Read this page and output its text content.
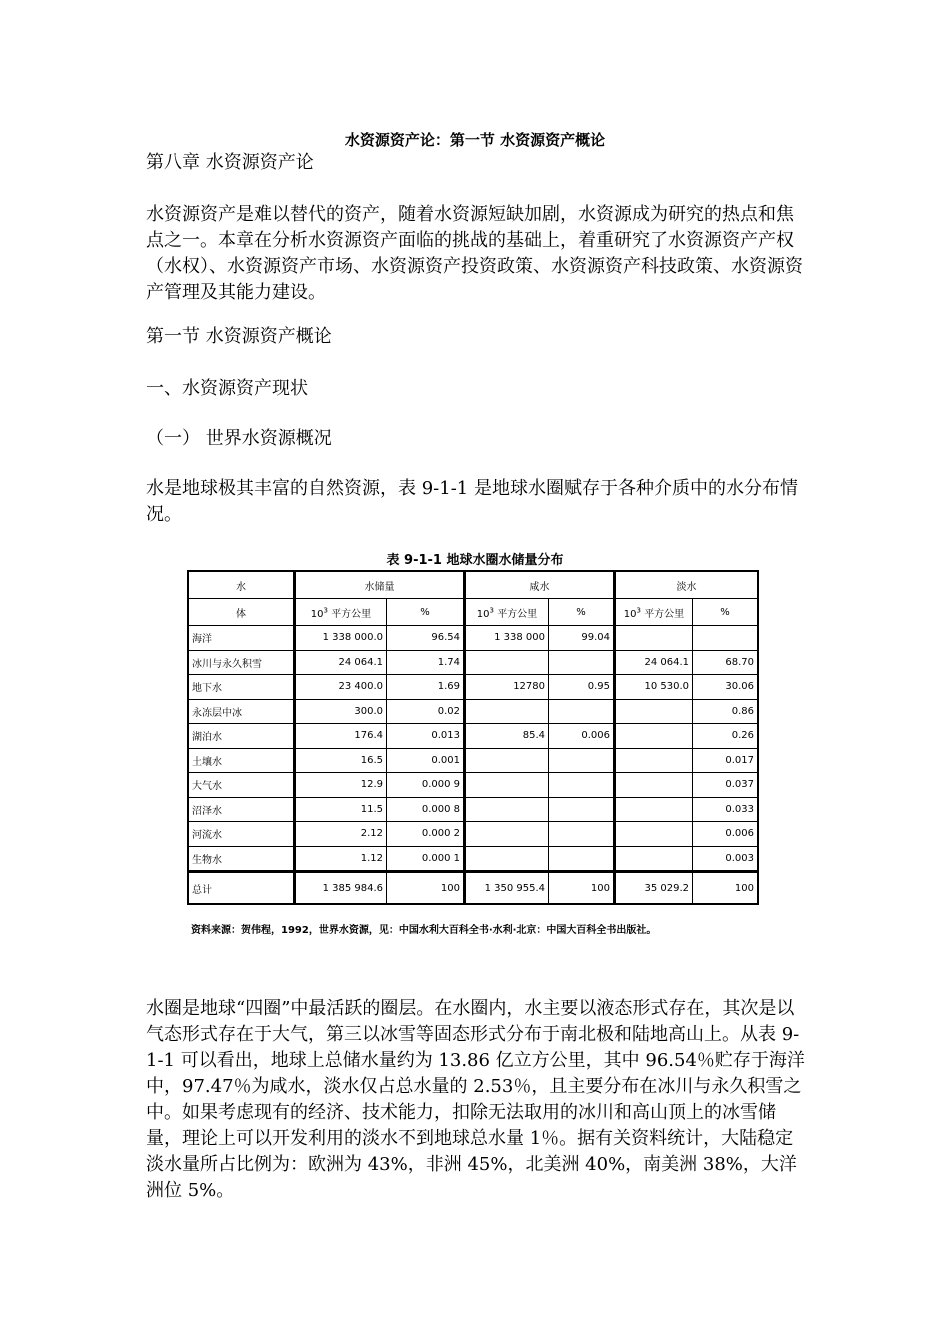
水资源资产论：第一节 水资源资产概论
第八章 水资源资产论

水资源资产是难以替代的资产，随着水资源短缺加剧，水资源成为研究的热点和焦点之一。本章在分析水资源资产面临的挑战的基础上，着重研究了水资源资产产权（水权）、水资源资产市场、水资源资产投资政策、水资源资产科技政策、水资源资产管理及其能力建设。

第一节 水资源资产概论
一、水资源资产现状
（一） 世界水资源概况

水是地球极其丰富的自然资源，表 9-1-1 是地球水圈赋存于各种介质中的水分布情况。

表 9-1-1 地球水圈水储量分布
水	水储量		咸水		淡水	
体	$10^3$ 平方公里	%	$10^3$ 平方公里	%	$10^3$ 平方公里	%
海洋	1 338 000.0	96.54	1 338 000	99.04		
冰川与永久积雪	24 064.1	1.74			24 064.1	68.70
地下水	23 400.0	1.69	12780	0.95	10 530.0	30.06
永冻层中冰	300.0	0.02				0.86
湖泊水	176.4	0.013	85.4	0.006		0.26
土壤水	16.5	0.001				0.017
大气水	12.9	0.000 9				0.037
沼泽水	11.5	0.000 8				0.033
河流水	2.12	0.000 2				0.006
生物水	1.12	0.000 1				0.003
总计	1 385 984.6	100	1 350 955.4	100	35 029.2	100
资料来源：贺伟程，1992，世界水资源，见：中国水利大百科全书·水利·北京：中国大百科全书出版社。

水圈是地球“四圈”中最活跃的圈层。在水圈内，水主要以液态形式存在，其次是以气态形式存在于大气，第三以冰雪等固态形式分布于南北极和陆地高山上。从表 9-1-1 可以看出，地球上总储水量约为 13.86 亿立方公里，其中 96.54％贮存于海洋中，97.47％为咸水，淡水仅占总水量的 2.53％，且主要分布在冰川与永久积雪之中。如果考虑现有的经济、技术能力，扣除无法取用的冰川和高山顶上的冰雪储量，理论上可以开发利用的淡水不到地球总水量 1％。据有关资料统计，大陆稳定淡水量所占比例为：欧洲为 43%，非洲 45%，北美洲 40%，南美洲 38%，大洋洲位 5%。
